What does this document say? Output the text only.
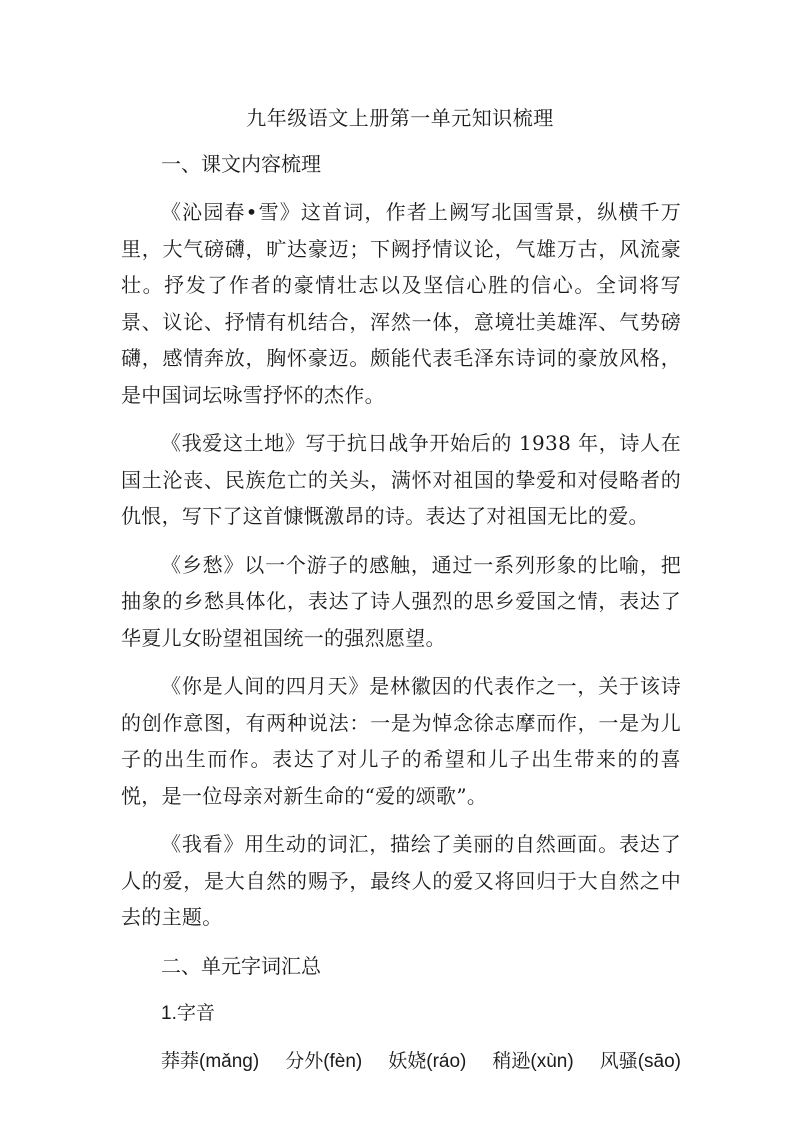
九年级语文上册第一单元知识梳理
一、课文内容梳理

《沁园春•雪》这首词，作者上阙写北国雪景，纵横千万里，大气磅礴，旷达豪迈；下阙抒情议论，气雄万古，风流豪壮。抒发了作者的豪情壮志以及坚信心胜的信心。全词将写景、议论、抒情有机结合，浑然一体，意境壮美雄浑、气势磅礴，感情奔放，胸怀豪迈。颇能代表毛泽东诗词的豪放风格，是中国词坛咏雪抒怀的杰作。

《我爱这土地》写于抗日战争开始后的 1938 年，诗人在国土沦丧、民族危亡的关头，满怀对祖国的挚爱和对侵略者的仇恨，写下了这首慷慨激昂的诗。表达了对祖国无比的爱。

《乡愁》以一个游子的感触，通过一系列形象的比喻，把抽象的乡愁具体化，表达了诗人强烈的思乡爱国之情，表达了华夏儿女盼望祖国统一的强烈愿望。

《你是人间的四月天》是林徽因的代表作之一，关于该诗的创作意图，有两种说法：一是为悼念徐志摩而作，一是为儿子的出生而作。表达了对儿子的希望和儿子出生带来的的喜悦，是一位母亲对新生命的“爱的颂歌”。

《我看》用生动的词汇，描绘了美丽的自然画面。表达了人的爱，是大自然的赐予，最终人的爱又将回归于大自然之中去的主题。

二、单元字词汇总
1.字音
莽莽(mǎng) 分外(fèn) 妖娆(ráo) 稍逊(xùn) 风骚(sāo)
